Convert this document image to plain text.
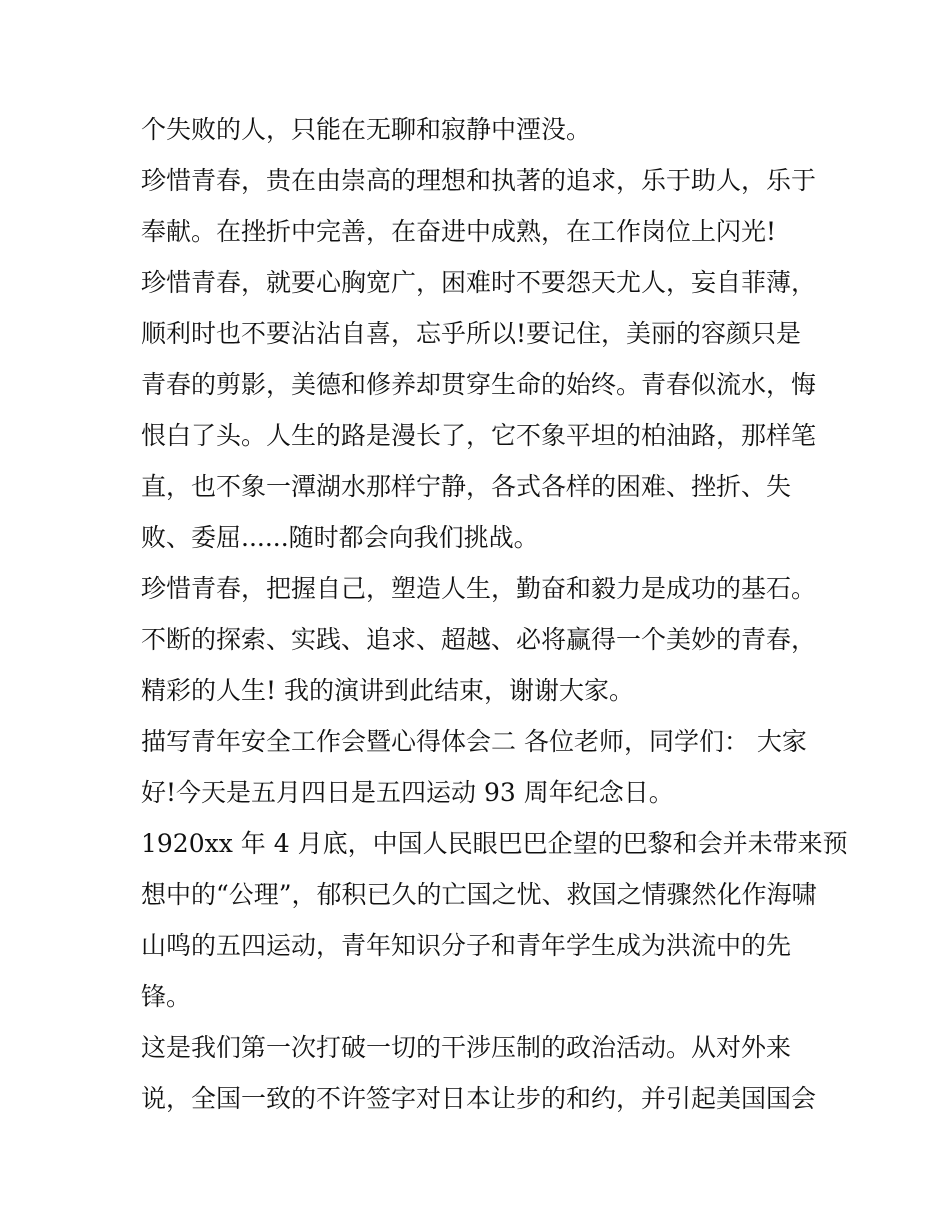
个失败的人，只能在无聊和寂静中湮没。
珍惜青春，贵在由崇高的理想和执著的追求，乐于助人，乐于
奉献。在挫折中完善，在奋进中成熟，在工作岗位上闪光!
珍惜青春，就要心胸宽广，困难时不要怨天尤人，妄自菲薄，
顺利时也不要沾沾自喜，忘乎所以!要记住，美丽的容颜只是
青春的剪影，美德和修养却贯穿生命的始终。青春似流水，悔
恨白了头。人生的路是漫长了，它不象平坦的柏油路，那样笔
直，也不象一潭湖水那样宁静，各式各样的困难、挫折、失
败、委屈......随时都会向我们挑战。
珍惜青春，把握自己，塑造人生，勤奋和毅力是成功的基石。
不断的探索、实践、追求、超越、必将赢得一个美妙的青春，
精彩的人生! 我的演讲到此结束，谢谢大家。
描写青年安全工作会暨心得体会二 各位老师，同学们： 大家
好!今天是五月四日是五四运动 93 周年纪念日。
1920xx 年 4 月底，中国人民眼巴巴企望的巴黎和会并未带来预
想中的“公理”，郁积已久的亡国之忧、救国之情骤然化作海啸
山鸣的五四运动，青年知识分子和青年学生成为洪流中的先
锋。
这是我们第一次打破一切的干涉压制的政治活动。从对外来
说，全国一致的不许签字对日本让步的和约，并引起美国国会
